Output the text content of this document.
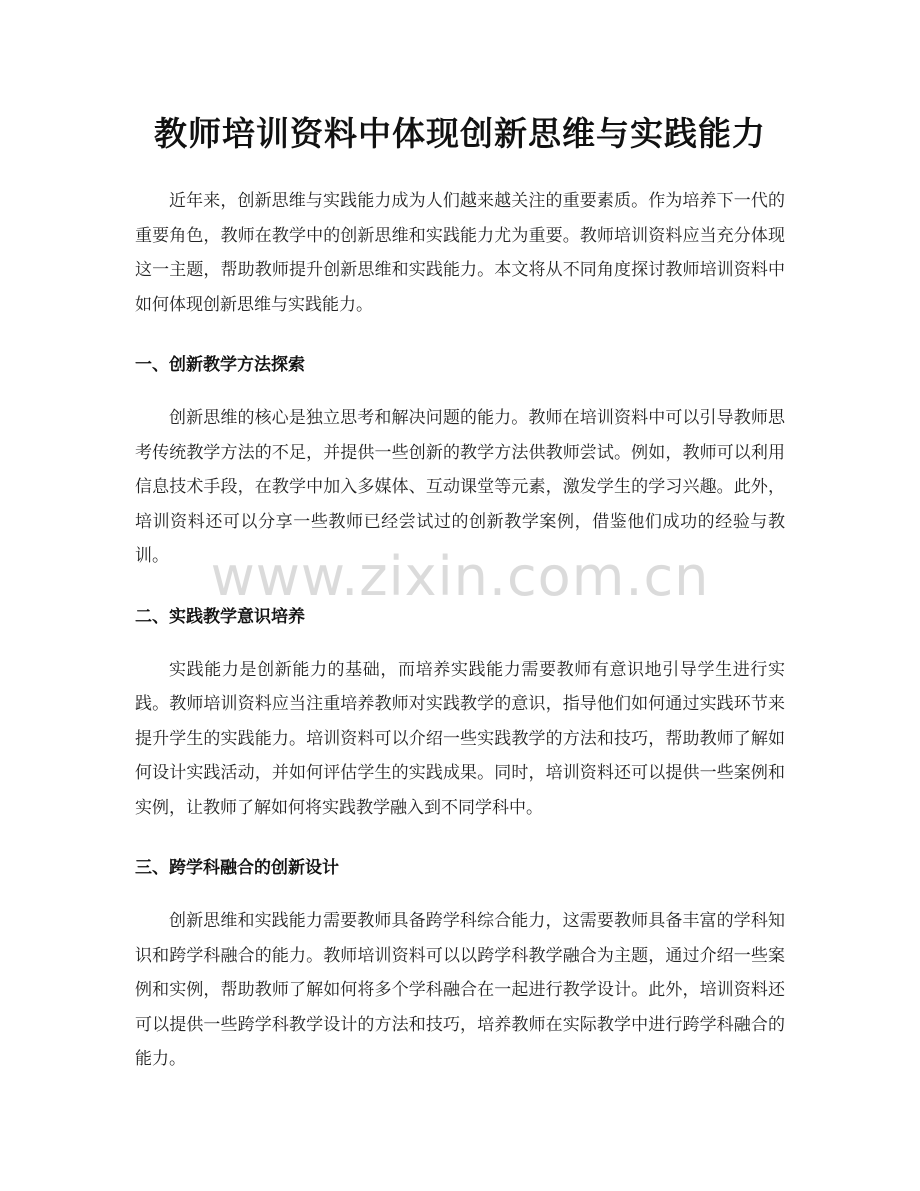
教师培训资料中体现创新思维与实践能力

近年来，创新思维与实践能力成为人们越来越关注的重要素质。作为培养下一代的重要角色，教师在教学中的创新思维和实践能力尤为重要。教师培训资料应当充分体现这一主题，帮助教师提升创新思维和实践能力。本文将从不同角度探讨教师培训资料中如何体现创新思维与实践能力。

一、创新教学方法探索

创新思维的核心是独立思考和解决问题的能力。教师在培训资料中可以引导教师思考传统教学方法的不足，并提供一些创新的教学方法供教师尝试。例如，教师可以利用信息技术手段，在教学中加入多媒体、互动课堂等元素，激发学生的学习兴趣。此外，培训资料还可以分享一些教师已经尝试过的创新教学案例，借鉴他们成功的经验与教训。

二、实践教学意识培养

实践能力是创新能力的基础，而培养实践能力需要教师有意识地引导学生进行实践。教师培训资料应当注重培养教师对实践教学的意识，指导他们如何通过实践环节来提升学生的实践能力。培训资料可以介绍一些实践教学的方法和技巧，帮助教师了解如何设计实践活动，并如何评估学生的实践成果。同时，培训资料还可以提供一些案例和实例，让教师了解如何将实践教学融入到不同学科中。

三、跨学科融合的创新设计

创新思维和实践能力需要教师具备跨学科综合能力，这需要教师具备丰富的学科知识和跨学科融合的能力。教师培训资料可以以跨学科教学融合为主题，通过介绍一些案例和实例，帮助教师了解如何将多个学科融合在一起进行教学设计。此外，培训资料还可以提供一些跨学科教学设计的方法和技巧，培养教师在实际教学中进行跨学科融合的能力。

www.zixin.com.cn
